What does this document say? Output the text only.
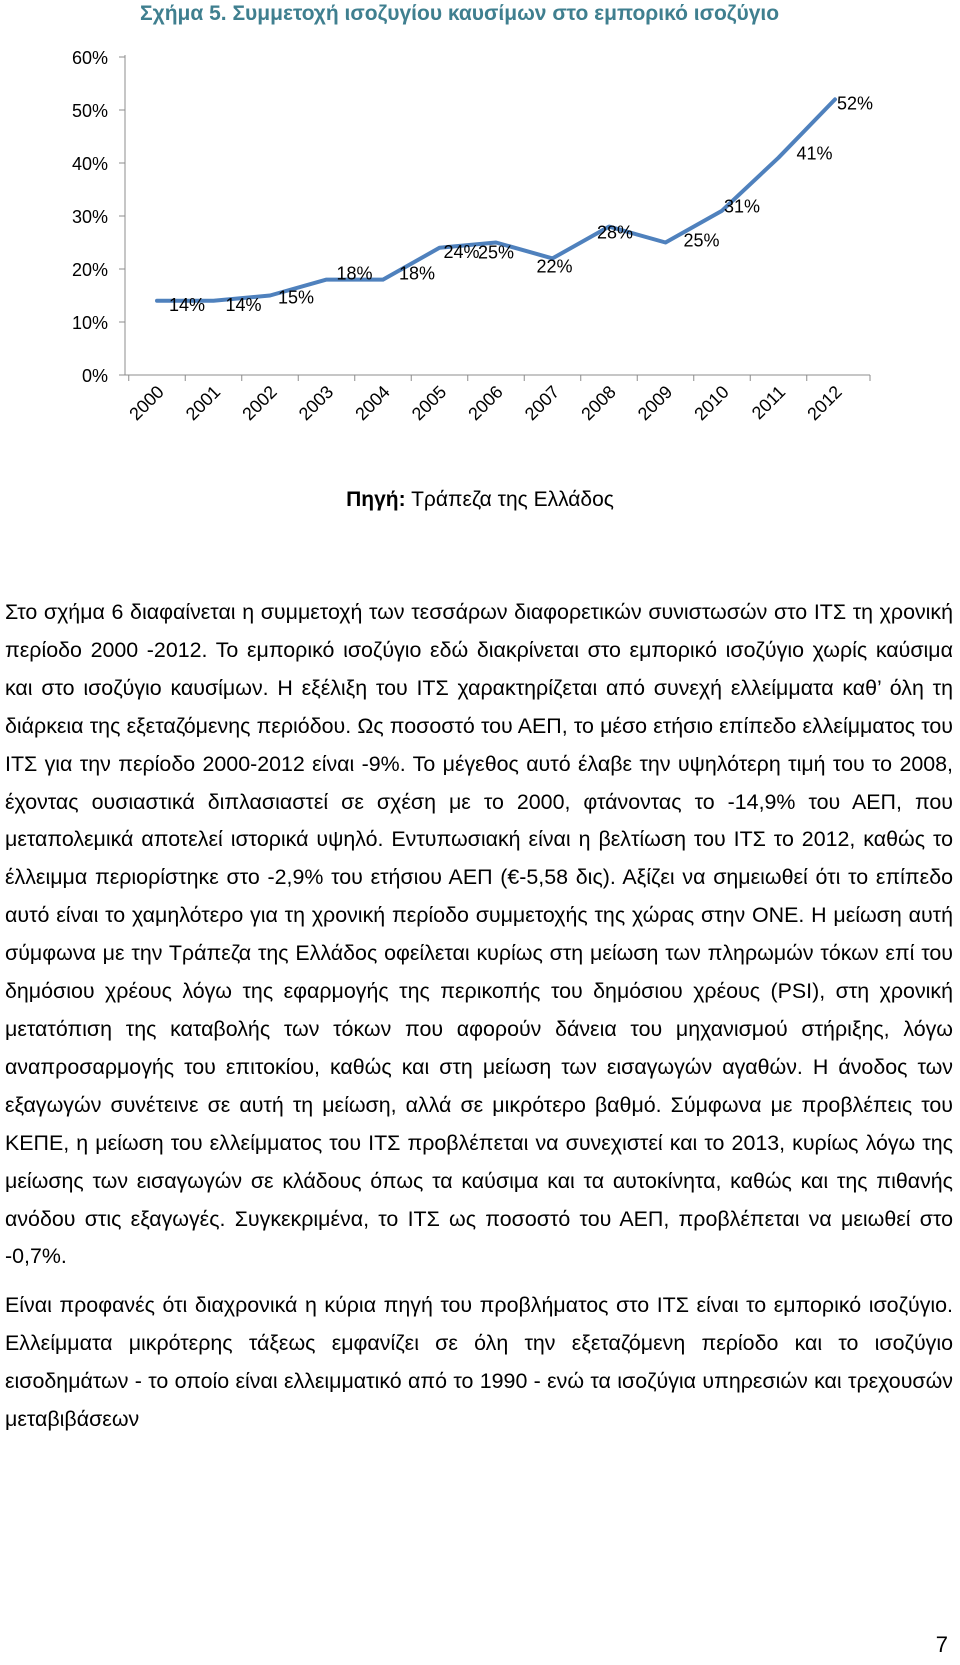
Σχήμα 5. Συμμετοχή ισοζυγίου καυσίμων στο εμπορικό ισοζύγιο
0%
10%
20%
30%
40%
50%
60%
2000 2001 2002 2003 2004 2005 2006 2007 2008 2009 2010 2011 2012
14% 14% 15%
18% 18%
24%
25%
22%
28%	25%
31%
41%
52%

Πηγή: Τράπεζα της Ελλάδος

Στο σχήμα 6 διαφαίνεται η συμμετοχή των τεσσάρων διαφορετικών συνιστωσών στο ΙΤΣ τη χρονική περίοδο 2000 -2012. Το εμπορικό ισοζύγιο εδώ διακρίνεται στο εμπορικό ισοζύγιο χωρίς καύσιμα και στο ισοζύγιο καυσίμων. Η εξέλιξη του ΙΤΣ χαρακτηρίζεται από συνεχή ελλείμματα καθ’ όλη τη διάρκεια της εξεταζόμενης περιόδου. Ως ποσοστό του ΑΕΠ, το μέσο ετήσιο επίπεδο ελλείμματος του ΙΤΣ για την περίοδο 2000-2012 είναι -9%. Το μέγεθος αυτό έλαβε την υψηλότερη τιμή του το 2008, έχοντας ουσιαστικά διπλασιαστεί σε σχέση με το 2000, φτάνοντας το -14,9% του ΑΕΠ, που μεταπολεμικά αποτελεί ιστορικά υψηλό. Εντυπωσιακή είναι η βελτίωση του ΙΤΣ το 2012, καθώς το έλλειμμα περιορίστηκε στο -2,9% του ετήσιου ΑΕΠ (€-5,58 δις). Αξίζει να σημειωθεί ότι το επίπεδο αυτό είναι το χαμηλότερο για τη χρονική περίοδο συμμετοχής της χώρας στην ΟΝΕ. Η μείωση αυτή σύμφωνα με την Τράπεζα της Ελλάδος οφείλεται κυρίως στη μείωση των πληρωμών τόκων επί του δημόσιου χρέους λόγω της εφαρμογής της περικοπής του δημόσιου χρέους (PSI), στη χρονική μετατόπιση της καταβολής των τόκων που αφορούν δάνεια του μηχανισμού στήριξης, λόγω αναπροσαρμογής του επιτοκίου, καθώς και στη μείωση των εισαγωγών αγαθών. Η άνοδος των εξαγωγών συνέτεινε σε αυτή τη μείωση, αλλά σε μικρότερο βαθμό. Σύμφωνα με προβλέπεις του ΚΕΠΕ, η μείωση του ελλείμματος του ΙΤΣ προβλέπεται να συνεχιστεί και το 2013, κυρίως λόγω της μείωσης των εισαγωγών σε κλάδους όπως τα καύσιμα και τα αυτοκίνητα, καθώς και της πιθανής ανόδου στις εξαγωγές. Συγκεκριμένα, το ΙΤΣ ως ποσοστό του ΑΕΠ, προβλέπεται να μειωθεί στο -0,7%.

Είναι προφανές ότι διαχρονικά η κύρια πηγή του προβλήματος στο ΙΤΣ είναι το εμπορικό ισοζύγιο. Ελλείμματα μικρότερης τάξεως εμφανίζει σε όλη την εξεταζόμενη περίοδο και το ισοζύγιο εισοδημάτων - το οποίο είναι ελλειμματικό από το 1990 - ενώ τα ισοζύγια υπηρεσιών και τρεχουσών μεταβιβάσεων

7
